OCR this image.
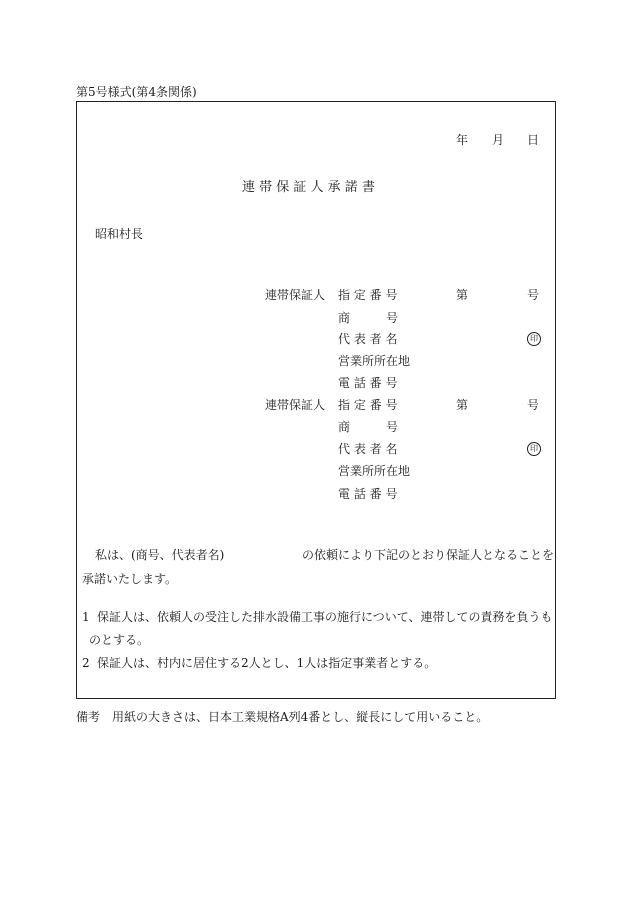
第5号様式(第4条関係)
年 月 日
連 帯 保 証 人 承 諾 書
昭和村長
連帯保証人 指 定 番 号	第	号
商　　　号
代 表 者 名	印
営業所所在地
電 話 番 号
連帯保証人 指 定 番 号	第	号
商　　　号
代 表 者 名	印
営業所所在地
電 話 番 号
私は、(商号、代表者名)	の依頼により下記のとおり保証人となることを
承諾いたします。
1 保証人は、依頼人の受注した排水設備工事の施行について、連帯しての責務を負うも
のとする。
2 保証人は、村内に居住する2人とし、1人は指定事業者とする。
備考　用紙の大きさは、日本工業規格A列4番とし、縦長にして用いること。
